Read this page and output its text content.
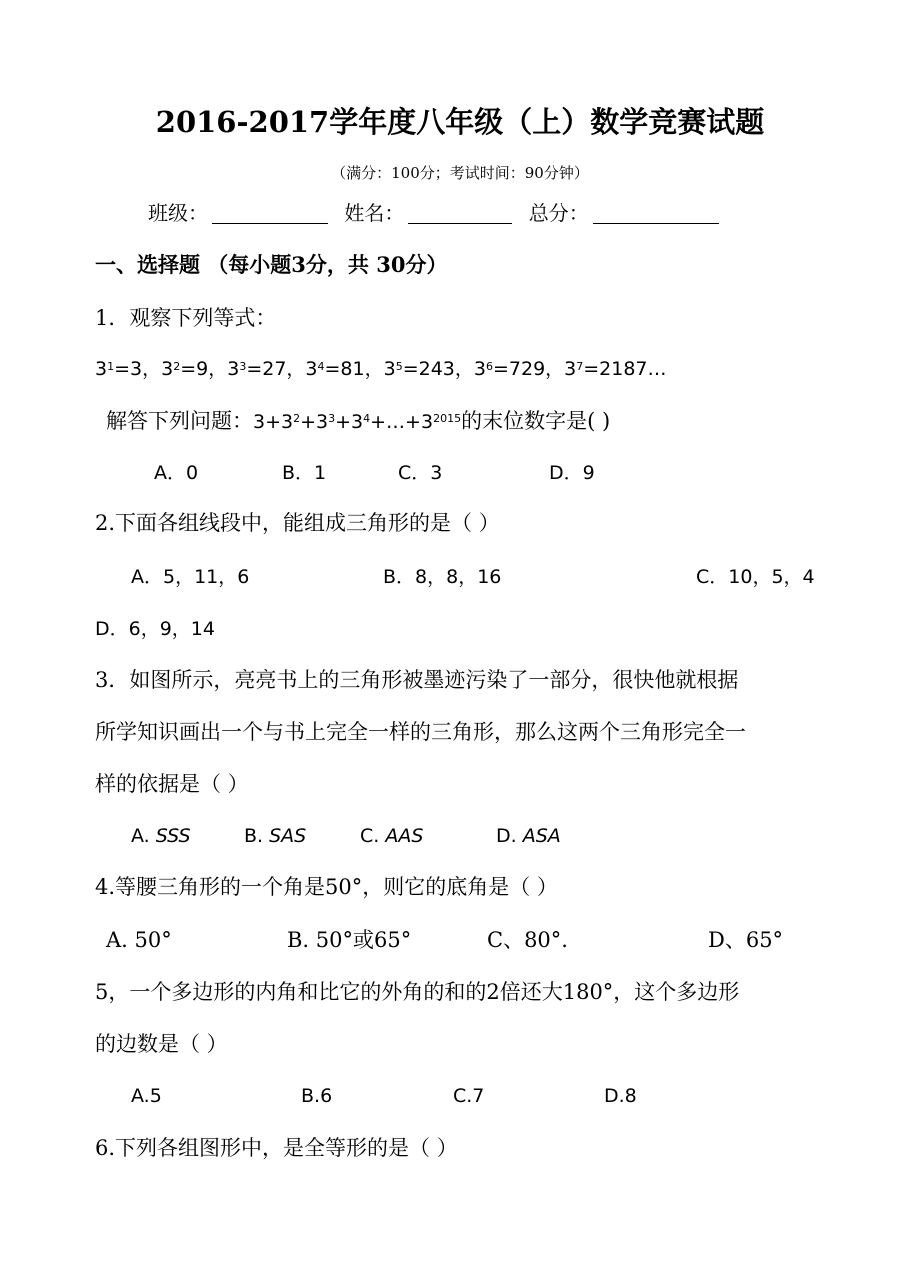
2016-2017学年度八年级（上）数学竞赛试题
（满分：100分；考试时间：90分钟）
班级：	姓名：	总分：
一、选择题 （每小题3分，共 30分）
1．观察下列等式：
$3^1=3$，$3^2=9$，$3^3=27$，$3^4=81$，$3^5=243$，$3^6=729$，$3^7=2187\dots$
解答下列问题：$3+3^2+3^3+3^4+\dots+3^{2015}$的末位数字是( )
A．0	B．1	C．3	D．9
2.下面各组线段中，能组成三角形的是（ ）
A．5，11，6	B．8，8，16	C．10，5，4
D．6，9，14
3．如图所示，亮亮书上的三角形被墨迹污染了一部分，很快他就根据
所学知识画出一个与书上完全一样的三角形，那么这两个三角形完全一
样的依据是（ ）
A. SSS	B. SAS	C. AAS	D. ASA
4.等腰三角形的一个角是50°，则它的底角是（ ）
A. 50°	B. 50°或65°	C、80°.	D、65°
5，一个多边形的内角和比它的外角的和的2倍还大180°，这个多边形
的边数是（ ）
A.5	B.6	C.7	D.8
6.下列各组图形中，是全等形的是（ ）
